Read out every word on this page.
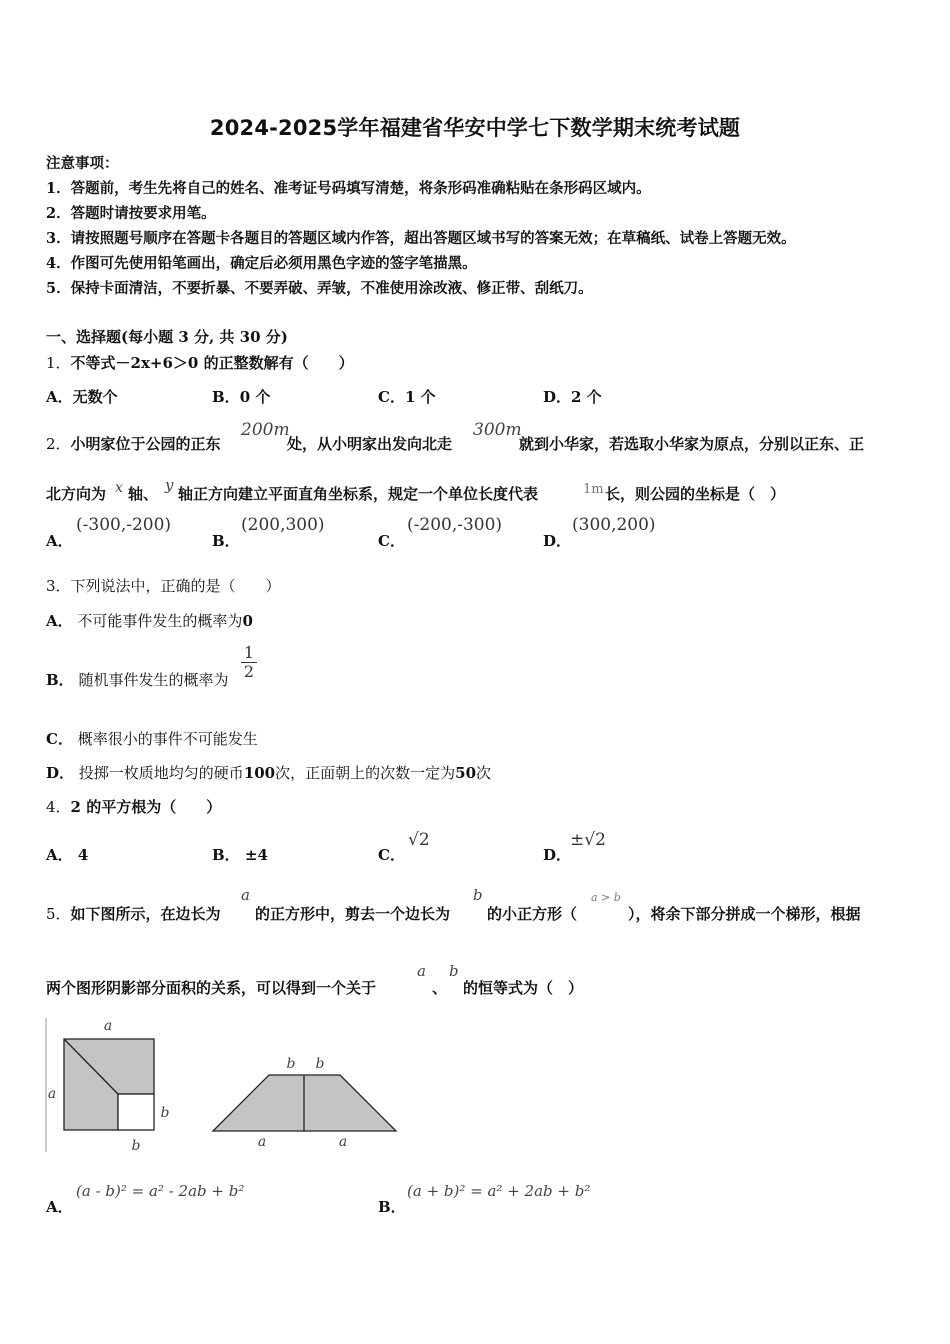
2024-2025学年福建省华安中学七下数学期末统考试题
注意事项：
1．答题前，考生先将自己的姓名、准考证号码填写清楚，将条形码准确粘贴在条形码区域内。
2．答题时请按要求用笔。
3．请按照题号顺序在答题卡各题目的答题区域内作答，超出答题区域书写的答案无效；在草稿纸、试卷上答题无效。
4．作图可先使用铅笔画出，确定后必须用黑色字迹的签字笔描黑。
5．保持卡面清洁，不要折暴、不要弄破、弄皱，不准使用涂改液、修正带、刮纸刀。
一、选择题(每小题 3 分, 共 30 分)
1．不等式－2x+6＞0 的正整数解有（　　）
A．无数个	B．0 个	C．1 个	D．2 个
2．小明家位于公园的正东
200m
处，从小明家出发向北走
300m
就到小华家，若选取小华家为原点，分别以正东、正
北方向为 x 轴、 y 轴正方向建立平面直角坐标系，规定一个单位长度代表	1m 长，则公园的坐标是（　）
A．
(-300,-200)
B．
(200,300)
C．
(-200,-300)
D．
(300,200)
3．下列说法中，正确的是（　　）
A． 不可能事件发生的概率为0
B． 随机事件发生的概率为 $\frac{1}{2}$
C． 概率很小的事件不可能发生
D． 投掷一枚质地均匀的硬币100次，正面朝上的次数一定为50次
4．2 的平方根为（　　）
A． 4	B． ±4	C．
√2
D．
±√2
5．如下图所示，在边长为
a
的正方形中，剪去一个边长为
b
的小正方形（
a > b
），将余下部分拼成一个梯形，根据
两个图形阴影部分面积的关系，可以得到一个关于
a
、
b
的恒等式为（　）
a
a
b
b
b b
a	a
A．
(a - b)² = a² - 2ab + b²
B．
(a + b)² = a² + 2ab + b²
